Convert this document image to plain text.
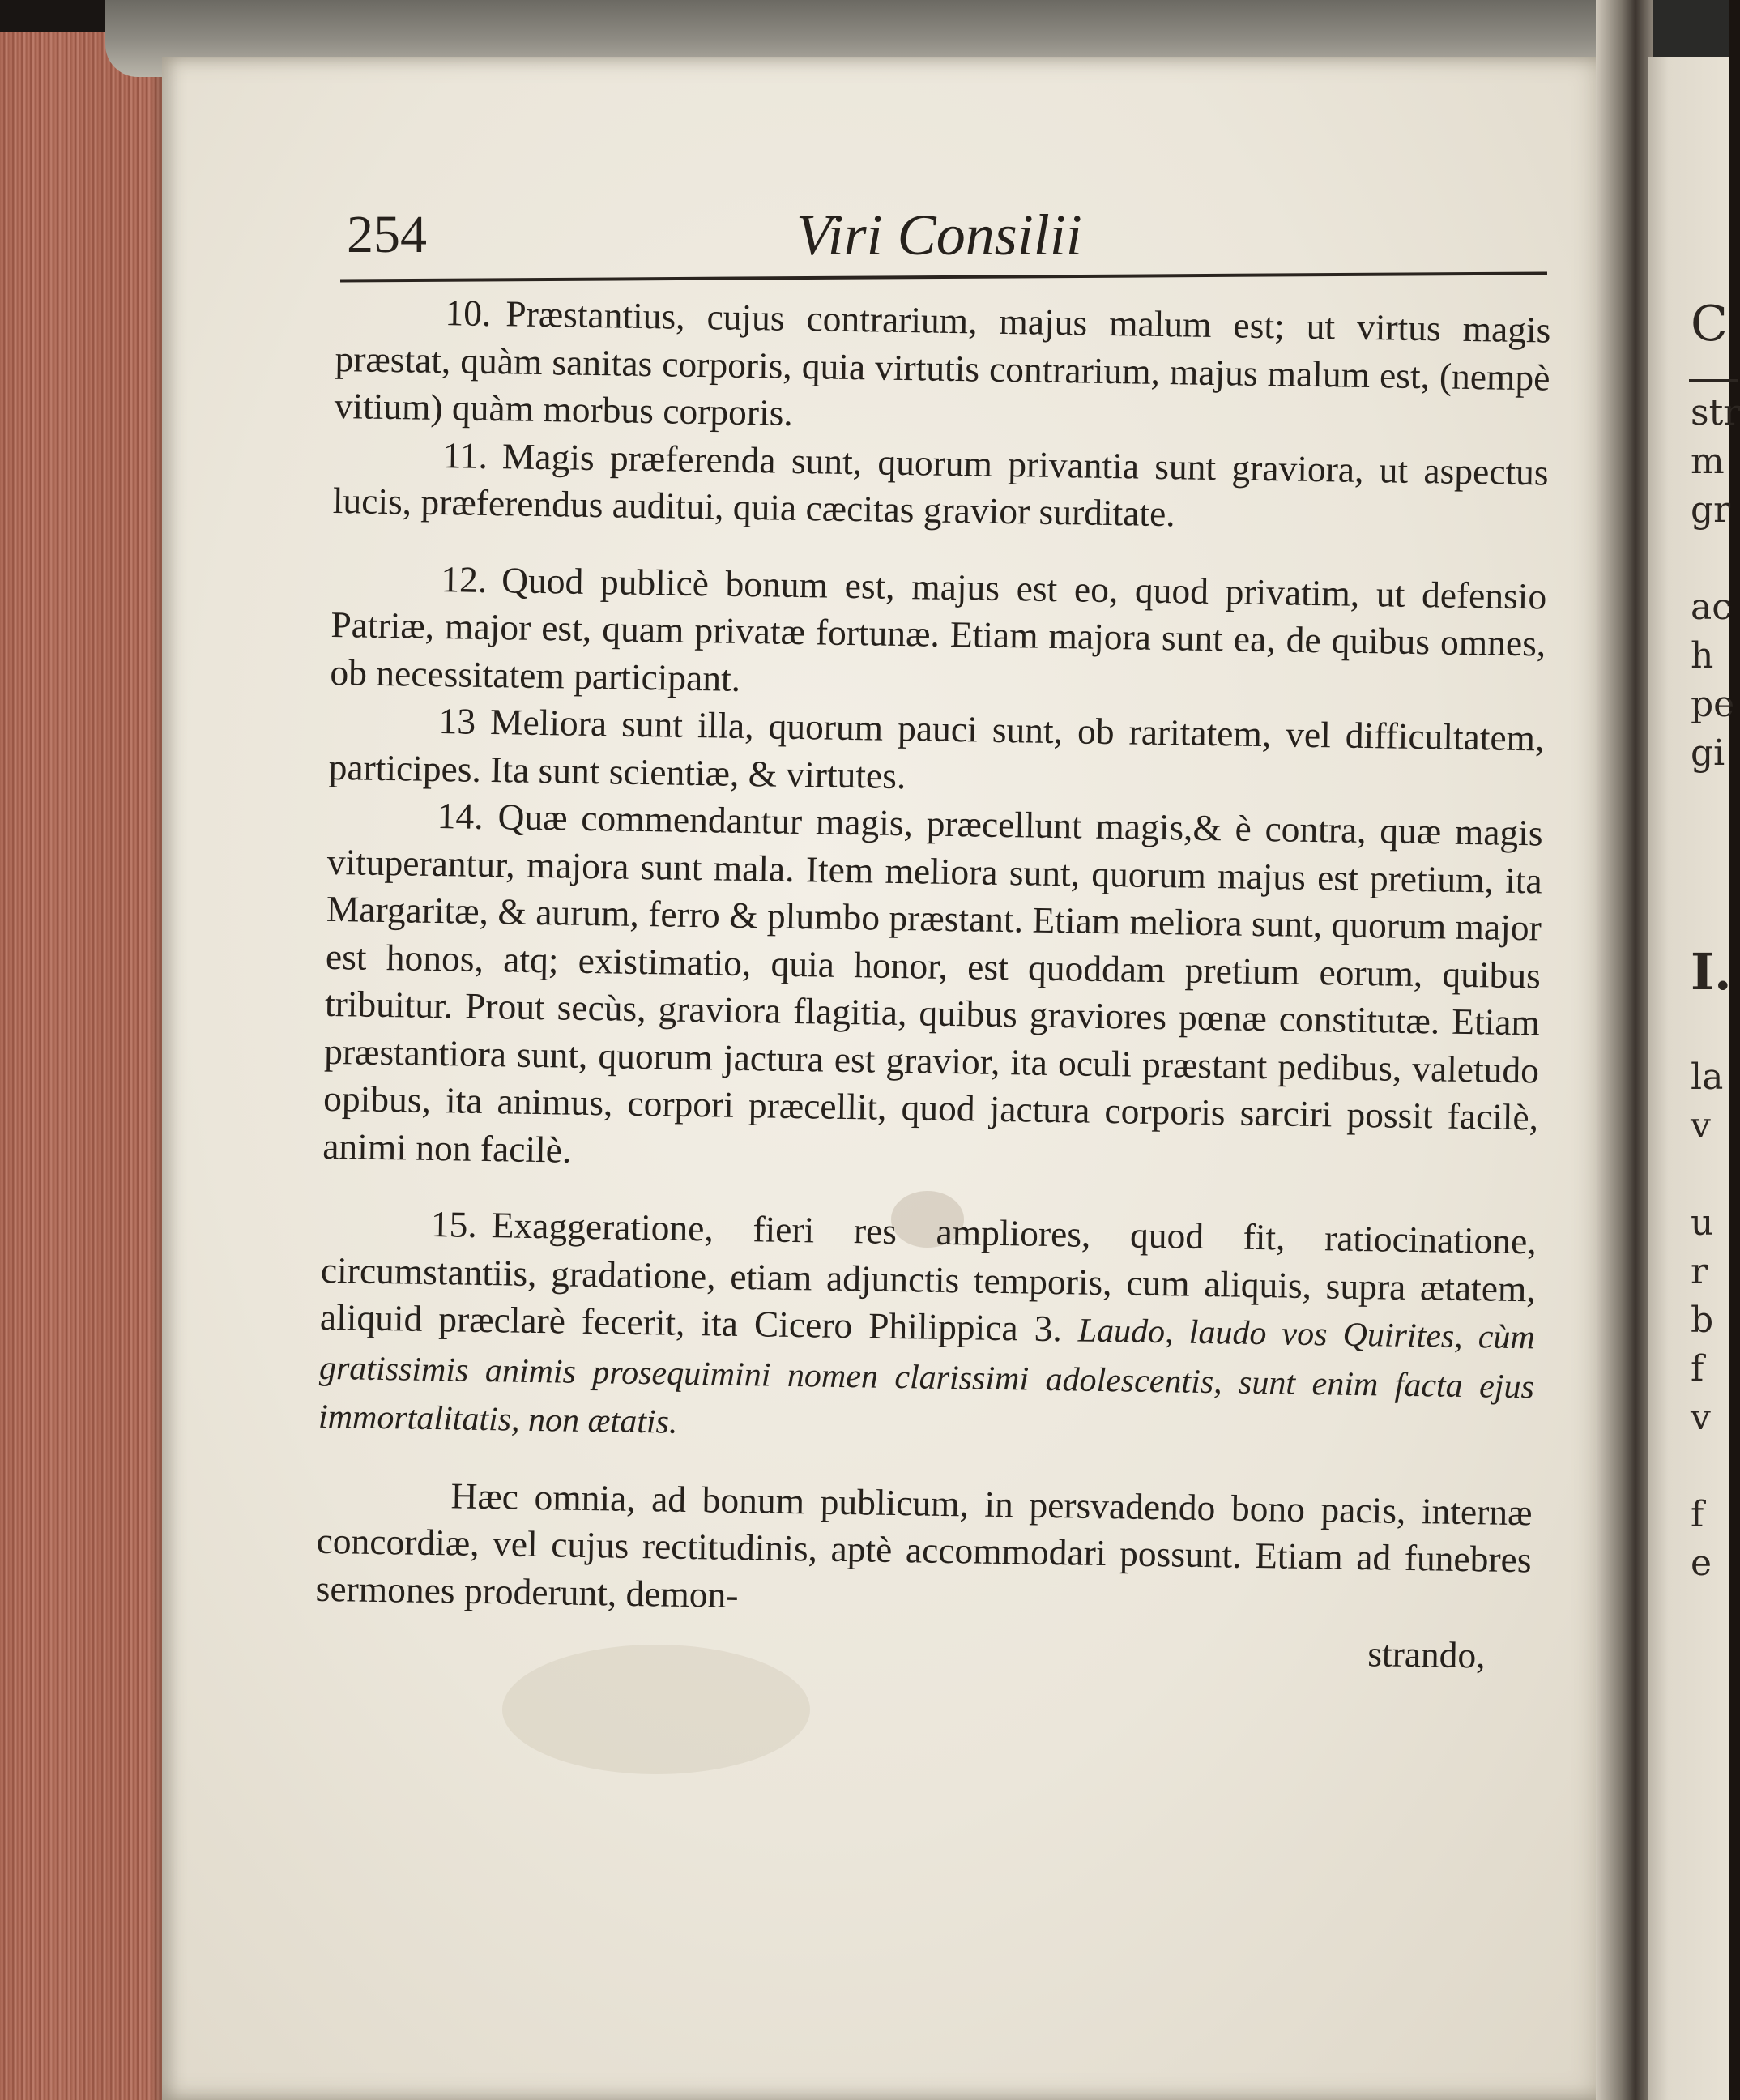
C
str
m
gr
ac
h
pe
gi
I.
la
v
u
r
b
f
v
f
e
254	Viri Consilii

10. Præstantius, cujus contrarium, majus malum est; ut virtus magis præstat, quàm sanitas corporis, quia virtutis contrarium, majus malum est, (nempè vitium) quàm morbus corporis.

11. Magis præferenda sunt, quorum privantia sunt graviora, ut aspectus lucis, præferendus auditui, quia cæcitas gravior surditate.

12. Quod publicè bonum est, majus est eo, quod privatim, ut defensio Patriæ, major est, quam privatæ fortunæ. Etiam majora sunt ea, de quibus omnes, ob necessitatem participant.

13 Meliora sunt illa, quorum pauci sunt, ob raritatem, vel difficultatem, participes. Ita sunt scientiæ, & virtutes.

14. Quæ commendantur magis, præcellunt magis,& è contra, quæ magis vituperantur, majora sunt mala. Item meliora sunt, quorum majus est pretium, ita Margaritæ, & aurum, ferro & plumbo præstant. Etiam meliora sunt, quorum major est honos, atq; existimatio, quia honor, est quoddam pretium eorum, quibus tribuitur. Prout secùs, graviora flagitia, quibus graviores pœnæ constitutæ. Etiam præstantiora sunt, quorum jactura est gravior, ita oculi præstant pedibus, valetudo opibus, ita animus, corpori præcellit, quod jactura corporis sarciri possit facilè, animi non facilè.

15. Exaggeratione, fieri res ampliores, quod fit, ratiocinatione, circumstantiis, gradatione, etiam adjunctis temporis, cum aliquis, supra ætatem, aliquid præclarè fecerit, ita Cicero Philippica 3. Laudo, laudo vos Quirites, cùm gratissimis animis prosequimini nomen clarissimi adolescentis, sunt enim facta ejus immortalitatis, non ætatis.

Hæc omnia, ad bonum publicum, in persvadendo bono pacis, internæ concordiæ, vel cujus rectitudinis, aptè accommodari possunt. Etiam ad funebres sermones proderunt, demon-

strando,
